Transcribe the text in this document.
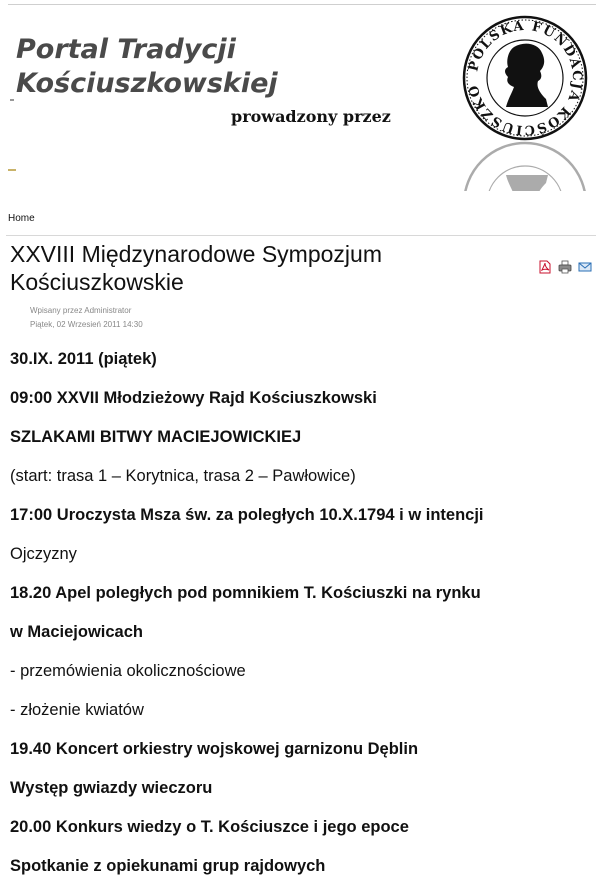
Portal Tradycji
Kościuszkowskiej
prowadzony przez
POLSKA FUNDACJA KOŚCIUSZKO
Home
XXVIII Międzynarodowe Sympozjum Kościuszkowskie
Wpisany przez Administrator
Piątek, 02 Wrzesień 2011 14:30
30.IX. 2011 (piątek)
09:00 XXVII Młodzieżowy Rajd Kościuszkowski
SZLAKAMI BITWY MACIEJOWICKIEJ
(start: trasa 1 – Korytnica, trasa 2 – Pawłowice)
17:00 Uroczysta Msza św. za poległych 10.X.1794 i w intencji
Ojczyzny
18.20 Apel poległych pod pomnikiem T. Kościuszki na rynku
w Maciejowicach
- przemówienia okolicznościowe
- złożenie kwiatów
19.40 Koncert orkiestry wojskowej garnizonu Dęblin
Występ gwiazdy wieczoru
20.00 Konkurs wiedzy o T. Kościuszce i jego epoce
Spotkanie z opiekunami grup rajdowych
